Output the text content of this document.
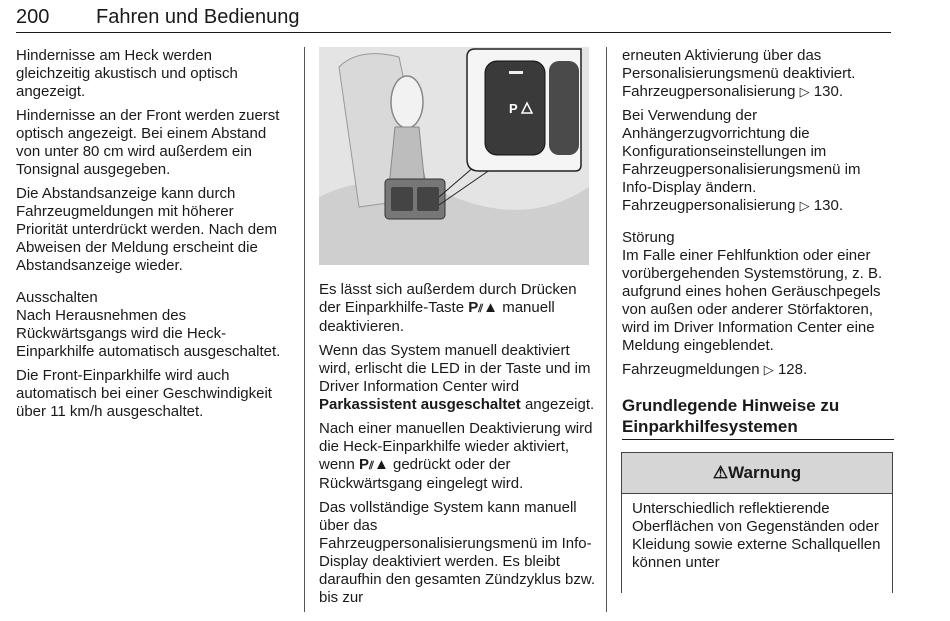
200 Fahren und Bedienung

Hindernisse am Heck werden gleichzeitig akustisch und optisch angezeigt.

Hindernisse an der Front werden zuerst optisch angezeigt. Bei einem Abstand von unter 80 cm wird außerdem ein Tonsignal ausgegeben.

Die Abstandsanzeige kann durch Fahrzeugmeldungen mit höherer Priorität unterdrückt werden. Nach dem Abweisen der Meldung erscheint die Abstandsanzeige wieder.

Ausschalten

Nach Herausnehmen des Rückwärtsgangs wird die Heck-Einparkhilfe automatisch ausgeschaltet.

Die Front-Einparkhilfe wird auch automatisch bei einer Geschwindigkeit über 11 km/h ausgeschaltet.

P

Es lässt sich außerdem durch Drücken der Einparkhilfe-Taste P⫽▲ manuell deaktivieren.

Wenn das System manuell deaktiviert wird, erlischt die LED in der Taste und im Driver Information Center wird Parkassistent ausgeschaltet angezeigt.

Nach einer manuellen Deaktivierung wird die Heck-Einparkhilfe wieder aktiviert, wenn P⫽▲ gedrückt oder der Rückwärtsgang eingelegt wird.

Das vollständige System kann manuell über das Fahrzeugpersonalisierungsmenü im Info-Display deaktiviert werden. Es bleibt daraufhin den gesamten Zündzyklus bzw. bis zur

erneuten Aktivierung über das Personalisierungsmenü deaktiviert. Fahrzeugpersonalisierung ▷ 130.

Bei Verwendung der Anhängerzugvorrichtung die Konfigurationseinstellungen im Fahrzeugpersonalisierungsmenü im Info-Display ändern. Fahrzeugpersonalisierung ▷ 130.

Störung

Im Falle einer Fehlfunktion oder einer vorübergehenden Systemstörung, z. B. aufgrund eines hohen Geräuschpegels von außen oder anderer Störfaktoren, wird im Driver Information Center eine Meldung eingeblendet.

Fahrzeugmeldungen ▷ 128.

Grundlegende Hinweise zu Einparkhilfesystemen

⚠Warnung
Unterschiedlich reflektierende Oberflächen von Gegenständen oder Kleidung sowie externe Schallquellen können unter
